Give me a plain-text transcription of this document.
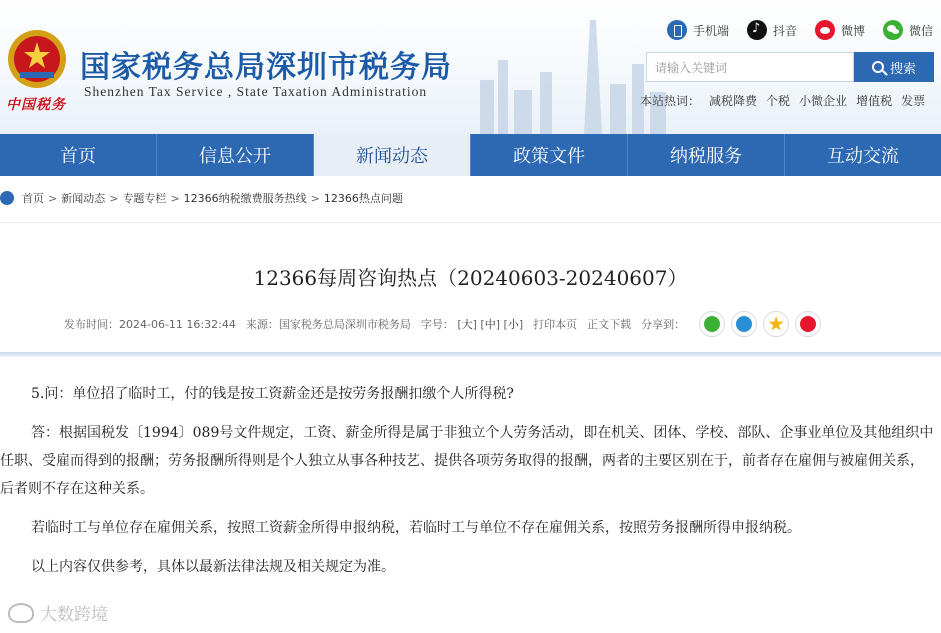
中国税务
国家税务总局深圳市税务局
Shenzhen Tax Service , State Taxation Administration
手机端
♪	抖音	微博	微信
请输入关键词	搜索
本站热词： 减税降费 个税 小微企业 增值税 发票
首页	信息公开	新闻动态	政策文件	纳税服务	互动交流
首页 > 新闻动态 > 专题专栏 > 12366纳税缴费服务热线 > 12366热点问题
12366每周咨询热点（20240603-20240607）
发布时间：2024-06-11 16:32:44 来源：国家税务总局深圳市税务局 字号： [大] [中] [小] 打印本页 正文下载 分享到：

5.问：单位招了临时工，付的钱是按工资薪金还是按劳务报酬扣缴个人所得税?

答：根据国税发〔1994〕089号文件规定，工资、薪金所得是属于非独立个人劳务活动，即在机关、团体、学校、部队、企事业单位及其他组织中任职、受雇而得到的报酬；劳务报酬所得则是个人独立从事各种技艺、提供各项劳务取得的报酬，两者的主要区别在于，前者存在雇佣与被雇佣关系，后者则不存在这种关系。

若临时工与单位存在雇佣关系，按照工资薪金所得申报纳税，若临时工与单位不存在雇佣关系，按照劳务报酬所得申报纳税。

以上内容仅供参考，具体以最新法律法规及相关规定为准。

大数跨境
